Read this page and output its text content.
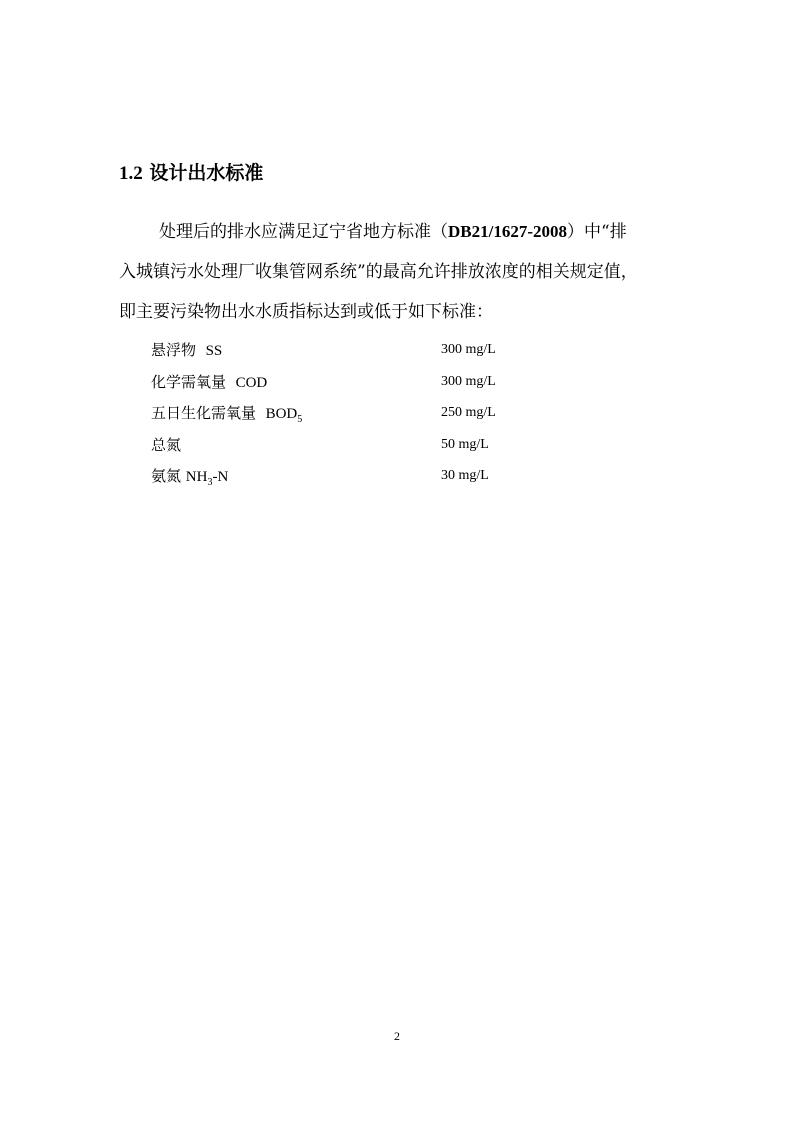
1.2 设计出水标准
处理后的排水应满足辽宁省地方标准（DB21/1627-2008）中“排
入城镇污水处理厂收集管网系统”的最高允许排放浓度的相关规定值，
即主要污染物出水水质指标达到或低于如下标准：
悬浮物 SS	300 mg/L
化学需氧量 COD	300 mg/L
五日生化需氧量 $BOD_5$	250 mg/L
总氮	50 mg/L
氨氮 $NH_3-N$	30 mg/L
2
